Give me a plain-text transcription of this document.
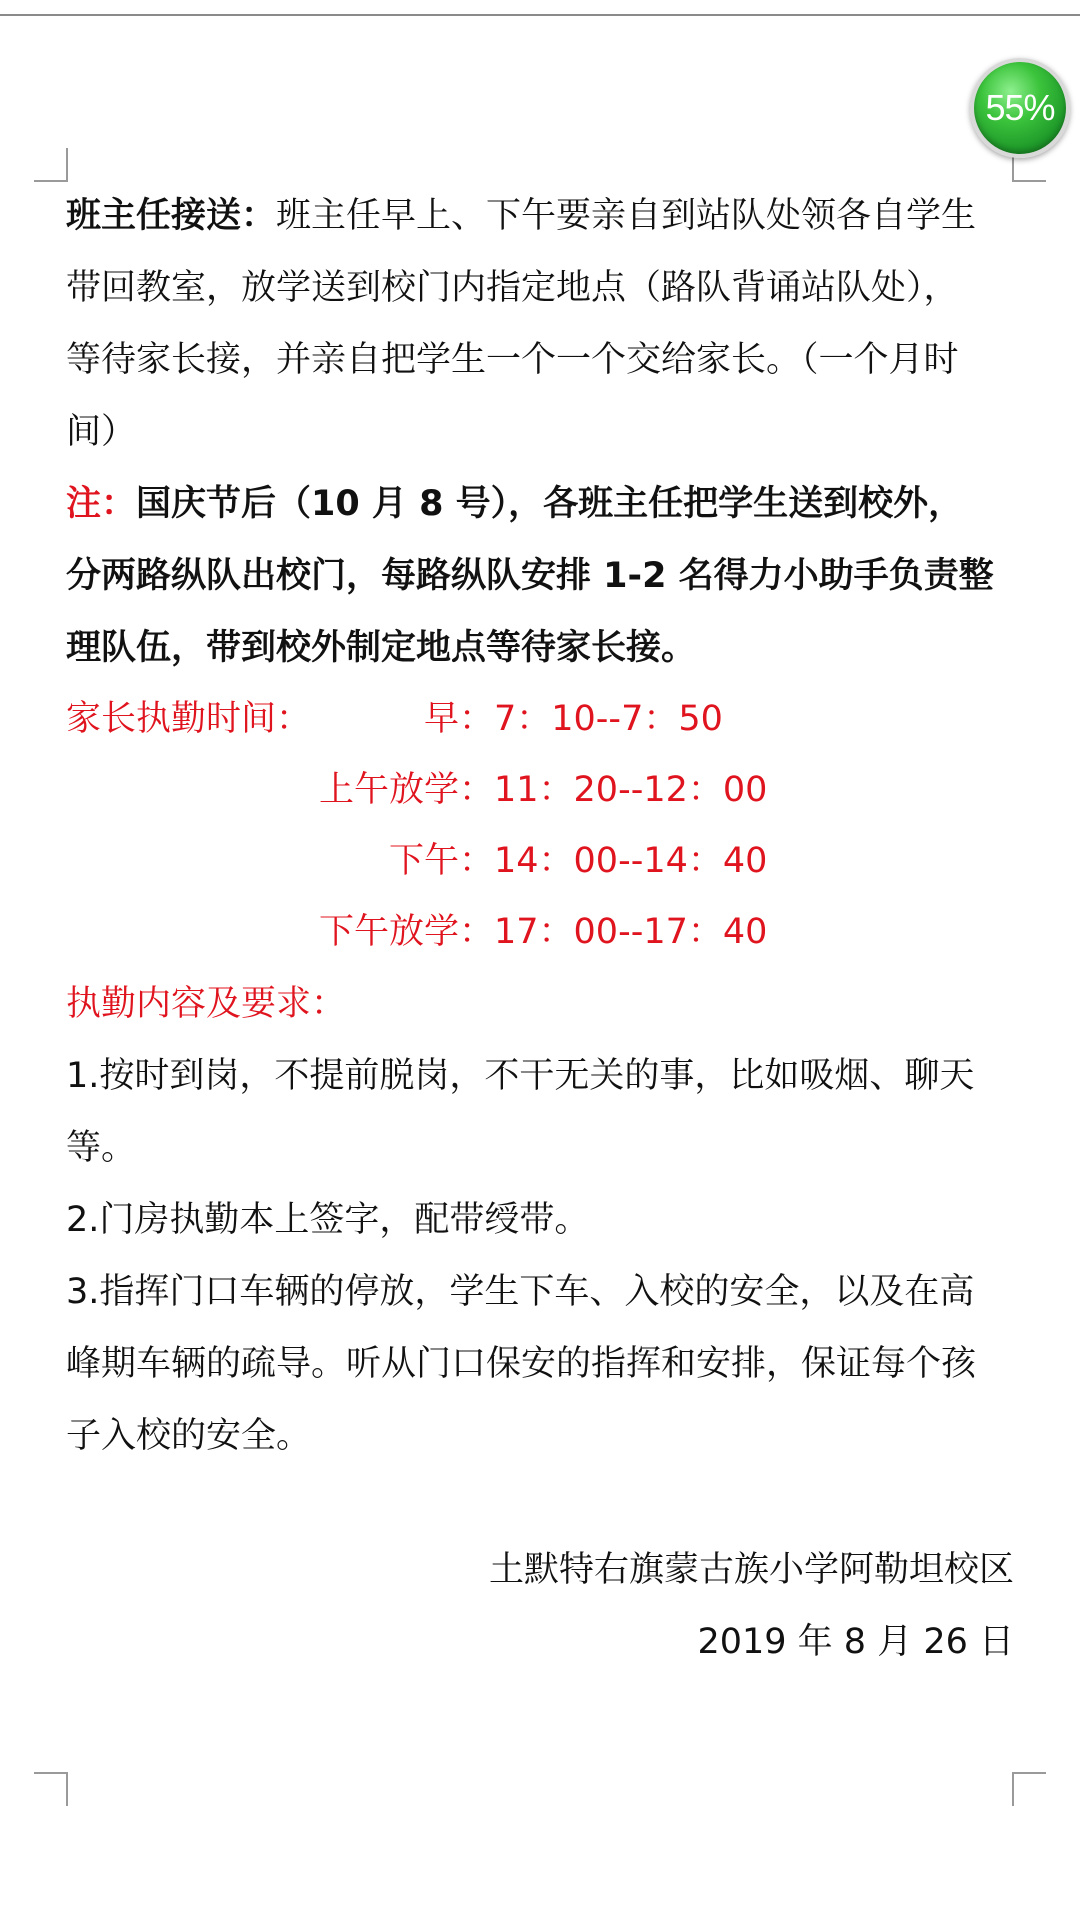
55%

班主任接送：班主任早上、下午要亲自到站队处领各自学生

带回教室，放学送到校门内指定地点（路队背诵站队处），

等待家长接，并亲自把学生一个一个交给家长。（一个月时

间）

注：国庆节后（10 月 8 号），各班主任把学生送到校外，

分两路纵队出校门，每路纵队安排 1-2 名得力小助手负责整

理队伍，带到校外制定地点等待家长接。

家长执勤时间：	早： 7：10--7：50
上午放学： 11：20--12：00
下午： 14：00--14：40
下午放学： 17：00--17：40

执勤内容及要求：

1.按时到岗，不提前脱岗，不干无关的事，比如吸烟、聊天

等。

2.门房执勤本上签字，配带绶带。

3.指挥门口车辆的停放，学生下车、入校的安全，以及在高

峰期车辆的疏导。听从门口保安的指挥和安排，保证每个孩

子入校的安全。

土默特右旗蒙古族小学阿勒坦校区
2019 年 8 月 26 日
